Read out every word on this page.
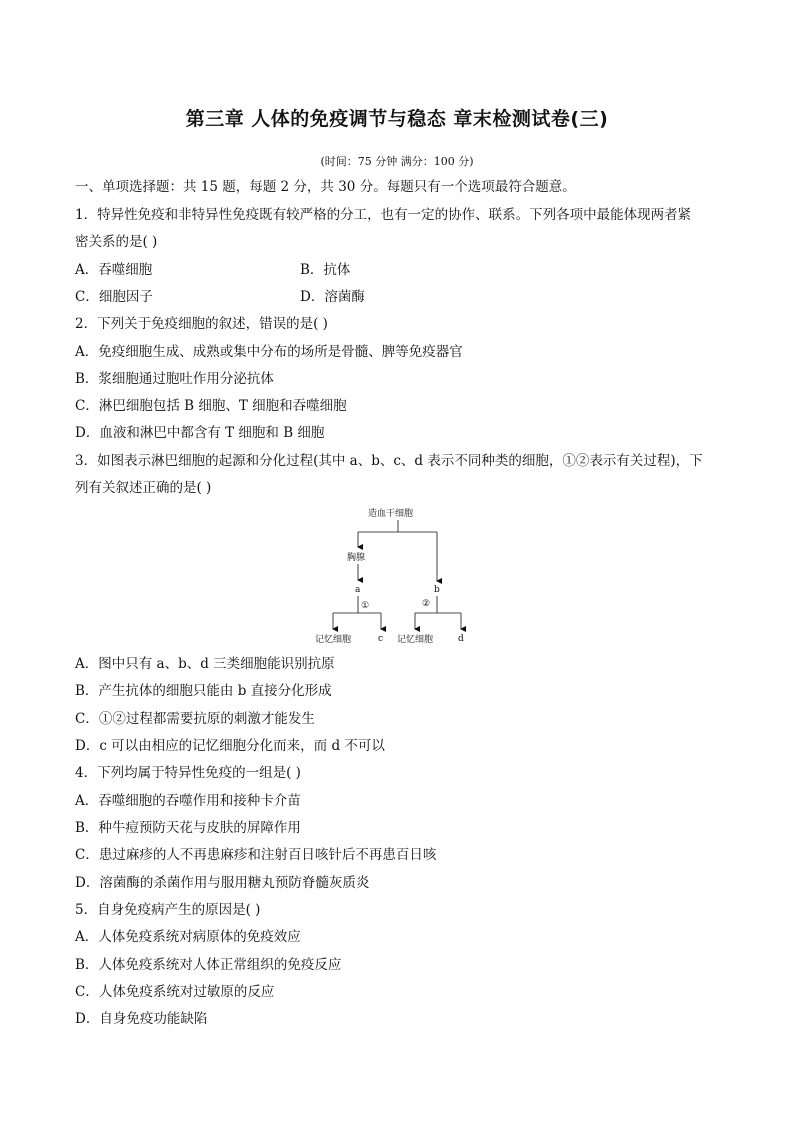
第三章 人体的免疫调节与稳态 章末检测试卷(三)
(时间：75 分钟 满分：100 分)
一、单项选择题：共 15 题，每题 2 分，共 30 分。每题只有一个选项最符合题意。
1．特异性免疫和非特异性免疫既有较严格的分工，也有一定的协作、联系。下列各项中最能体现两者紧
密关系的是( )
A．吞噬细胞	B．抗体
C．细胞因子	D．溶菌酶
2．下列关于免疫细胞的叙述，错误的是( )
A．免疫细胞生成、成熟或集中分布的场所是骨髓、脾等免疫器官
B．浆细胞通过胞吐作用分泌抗体
C．淋巴细胞包括 B 细胞、T 细胞和吞噬细胞
D．血液和淋巴中都含有 T 细胞和 B 细胞
3．如图表示淋巴细胞的起源和分化过程(其中 a、b、c、d 表示不同种类的细胞，①②表示有关过程)，下
列有关叙述正确的是( )
造血干细胞
胸腺
a	b
①	②
记忆细胞	c 记忆细胞	d
A．图中只有 a、b、d 三类细胞能识别抗原
B．产生抗体的细胞只能由 b 直接分化形成
C．①②过程都需要抗原的刺激才能发生
D．c 可以由相应的记忆细胞分化而来，而 d 不可以
4．下列均属于特异性免疫的一组是( )
A．吞噬细胞的吞噬作用和接种卡介苗
B．种牛痘预防天花与皮肤的屏障作用
C．患过麻疹的人不再患麻疹和注射百日咳针后不再患百日咳
D．溶菌酶的杀菌作用与服用糖丸预防脊髓灰质炎
5．自身免疫病产生的原因是( )
A．人体免疫系统对病原体的免疫效应
B．人体免疫系统对人体正常组织的免疫反应
C．人体免疫系统对过敏原的反应
D．自身免疫功能缺陷
